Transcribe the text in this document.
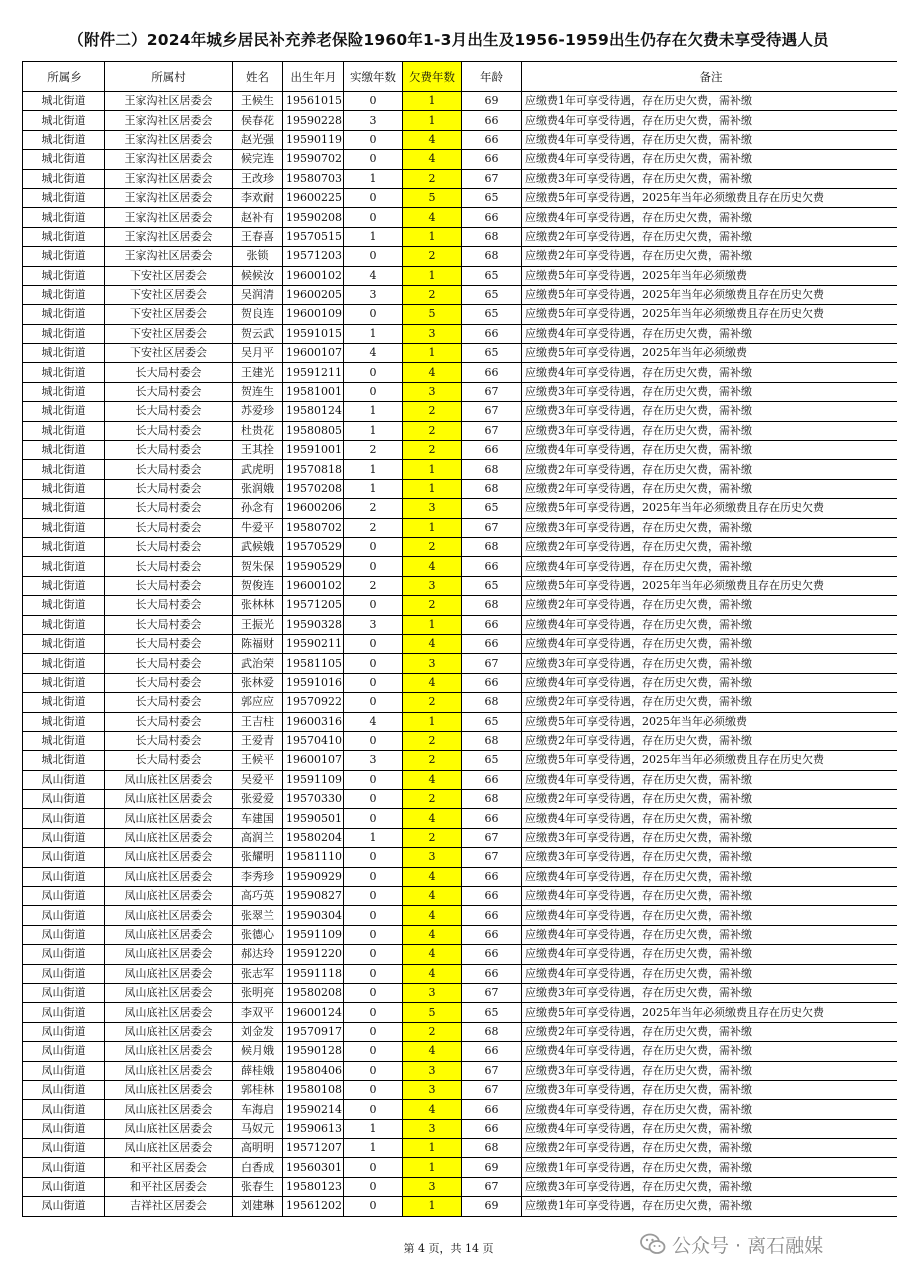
（附件二）2024年城乡居民补充养老保险1960年1-3月出生及1956-1959出生仍存在欠费未享受待遇人员
所属乡	所属村	姓名	出生年月	实缴年数	欠费年数	年龄	备注
城北街道	王家沟社区居委会	王候生	19561015	0	1	69	应缴费1年可享受待遇，存在历史欠费，需补缴
城北街道	王家沟社区居委会	侯春花	19590228	3	1	66	应缴费4年可享受待遇，存在历史欠费，需补缴
城北街道	王家沟社区居委会	赵光强	19590119	0	4	66	应缴费4年可享受待遇，存在历史欠费，需补缴
城北街道	王家沟社区居委会	候完连	19590702	0	4	66	应缴费4年可享受待遇，存在历史欠费，需补缴
城北街道	王家沟社区居委会	王改珍	19580703	1	2	67	应缴费3年可享受待遇，存在历史欠费，需补缴
城北街道	王家沟社区居委会	李欢耐	19600225	0	5	65	应缴费5年可享受待遇，2025年当年必须缴费且存在历史欠费
城北街道	王家沟社区居委会	赵补有	19590208	0	4	66	应缴费4年可享受待遇，存在历史欠费，需补缴
城北街道	王家沟社区居委会	王春喜	19570515	1	1	68	应缴费2年可享受待遇，存在历史欠费，需补缴
城北街道	王家沟社区居委会	张锁	19571203	0	2	68	应缴费2年可享受待遇，存在历史欠费，需补缴
城北街道	下安社区居委会	候候汝	19600102	4	1	65	应缴费5年可享受待遇，2025年当年必须缴费
城北街道	下安社区居委会	吴润清	19600205	3	2	65	应缴费5年可享受待遇，2025年当年必须缴费且存在历史欠费
城北街道	下安社区居委会	贺良连	19600109	0	5	65	应缴费5年可享受待遇，2025年当年必须缴费且存在历史欠费
城北街道	下安社区居委会	贺云武	19591015	1	3	66	应缴费4年可享受待遇，存在历史欠费，需补缴
城北街道	下安社区居委会	吴月平	19600107	4	1	65	应缴费5年可享受待遇，2025年当年必须缴费
城北街道	长大局村委会	王建光	19591211	0	4	66	应缴费4年可享受待遇，存在历史欠费，需补缴
城北街道	长大局村委会	贺连生	19581001	0	3	67	应缴费3年可享受待遇，存在历史欠费，需补缴
城北街道	长大局村委会	苏爱珍	19580124	1	2	67	应缴费3年可享受待遇，存在历史欠费，需补缴
城北街道	长大局村委会	杜贵花	19580805	1	2	67	应缴费3年可享受待遇，存在历史欠费，需补缴
城北街道	长大局村委会	王其拴	19591001	2	2	66	应缴费4年可享受待遇，存在历史欠费，需补缴
城北街道	长大局村委会	武虎明	19570818	1	1	68	应缴费2年可享受待遇，存在历史欠费，需补缴
城北街道	长大局村委会	张润娥	19570208	1	1	68	应缴费2年可享受待遇，存在历史欠费，需补缴
城北街道	长大局村委会	孙念有	19600206	2	3	65	应缴费5年可享受待遇，2025年当年必须缴费且存在历史欠费
城北街道	长大局村委会	牛爱平	19580702	2	1	67	应缴费3年可享受待遇，存在历史欠费，需补缴
城北街道	长大局村委会	武候娥	19570529	0	2	68	应缴费2年可享受待遇，存在历史欠费，需补缴
城北街道	长大局村委会	贺朱保	19590529	0	4	66	应缴费4年可享受待遇，存在历史欠费，需补缴
城北街道	长大局村委会	贺俊连	19600102	2	3	65	应缴费5年可享受待遇，2025年当年必须缴费且存在历史欠费
城北街道	长大局村委会	张林林	19571205	0	2	68	应缴费2年可享受待遇，存在历史欠费，需补缴
城北街道	长大局村委会	王振光	19590328	3	1	66	应缴费4年可享受待遇，存在历史欠费，需补缴
城北街道	长大局村委会	陈福财	19590211	0	4	66	应缴费4年可享受待遇，存在历史欠费，需补缴
城北街道	长大局村委会	武治荣	19581105	0	3	67	应缴费3年可享受待遇，存在历史欠费，需补缴
城北街道	长大局村委会	张林爱	19591016	0	4	66	应缴费4年可享受待遇，存在历史欠费，需补缴
城北街道	长大局村委会	郭应应	19570922	0	2	68	应缴费2年可享受待遇，存在历史欠费，需补缴
城北街道	长大局村委会	王吉柱	19600316	4	1	65	应缴费5年可享受待遇，2025年当年必须缴费
城北街道	长大局村委会	王爱青	19570410	0	2	68	应缴费2年可享受待遇，存在历史欠费，需补缴
城北街道	长大局村委会	王候平	19600107	3	2	65	应缴费5年可享受待遇，2025年当年必须缴费且存在历史欠费
凤山街道	凤山底社区居委会	吴爱平	19591109	0	4	66	应缴费4年可享受待遇，存在历史欠费，需补缴
凤山街道	凤山底社区居委会	张爱爱	19570330	0	2	68	应缴费2年可享受待遇，存在历史欠费，需补缴
凤山街道	凤山底社区居委会	车建国	19590501	0	4	66	应缴费4年可享受待遇，存在历史欠费，需补缴
凤山街道	凤山底社区居委会	高润兰	19580204	1	2	67	应缴费3年可享受待遇，存在历史欠费，需补缴
凤山街道	凤山底社区居委会	张耀明	19581110	0	3	67	应缴费3年可享受待遇，存在历史欠费，需补缴
凤山街道	凤山底社区居委会	李秀珍	19590929	0	4	66	应缴费4年可享受待遇，存在历史欠费，需补缴
凤山街道	凤山底社区居委会	高巧英	19590827	0	4	66	应缴费4年可享受待遇，存在历史欠费，需补缴
凤山街道	凤山底社区居委会	张翠兰	19590304	0	4	66	应缴费4年可享受待遇，存在历史欠费，需补缴
凤山街道	凤山底社区居委会	张德心	19591109	0	4	66	应缴费4年可享受待遇，存在历史欠费，需补缴
凤山街道	凤山底社区居委会	郝达玲	19591220	0	4	66	应缴费4年可享受待遇，存在历史欠费，需补缴
凤山街道	凤山底社区居委会	张志军	19591118	0	4	66	应缴费4年可享受待遇，存在历史欠费，需补缴
凤山街道	凤山底社区居委会	张明亮	19580208	0	3	67	应缴费3年可享受待遇，存在历史欠费，需补缴
凤山街道	凤山底社区居委会	李双平	19600124	0	5	65	应缴费5年可享受待遇，2025年当年必须缴费且存在历史欠费
凤山街道	凤山底社区居委会	刘金发	19570917	0	2	68	应缴费2年可享受待遇，存在历史欠费，需补缴
凤山街道	凤山底社区居委会	候月娥	19590128	0	4	66	应缴费4年可享受待遇，存在历史欠费，需补缴
凤山街道	凤山底社区居委会	薛桂娥	19580406	0	3	67	应缴费3年可享受待遇，存在历史欠费，需补缴
凤山街道	凤山底社区居委会	郭桂林	19580108	0	3	67	应缴费3年可享受待遇，存在历史欠费，需补缴
凤山街道	凤山底社区居委会	车海启	19590214	0	4	66	应缴费4年可享受待遇，存在历史欠费，需补缴
凤山街道	凤山底社区居委会	马奴元	19590613	1	3	66	应缴费4年可享受待遇，存在历史欠费，需补缴
凤山街道	凤山底社区居委会	高明明	19571207	1	1	68	应缴费2年可享受待遇，存在历史欠费，需补缴
凤山街道	和平社区居委会	白香成	19560301	0	1	69	应缴费1年可享受待遇，存在历史欠费，需补缴
凤山街道	和平社区居委会	张春生	19580123	0	3	67	应缴费3年可享受待遇，存在历史欠费，需补缴
凤山街道	吉祥社区居委会	刘建琳	19561202	0	1	69	应缴费1年可享受待遇，存在历史欠费，需补缴
第 4 页，共 14 页	公众号 · 离石融媒
